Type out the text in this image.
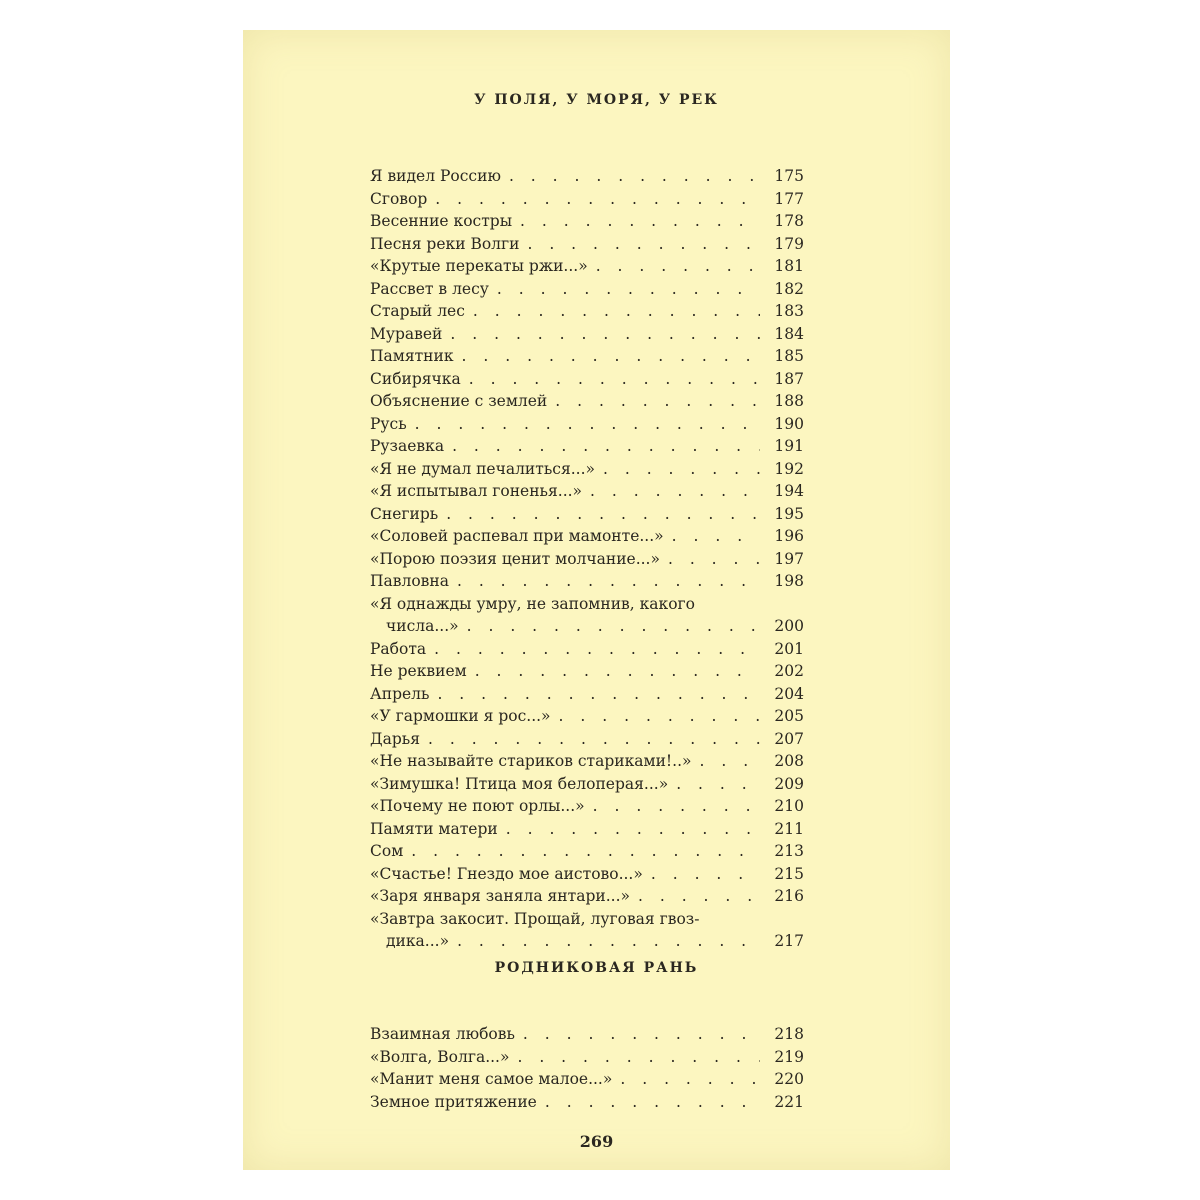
У ПОЛЯ, У МОРЯ, У РЕК
Я видел Россию . . .	175
Сговор . . .	177
Весенние костры . . .	178
Песня реки Волги . . .	179
«Крутые перекаты ржи...» . . .	181
Рассвет в лесу . . .	182
Старый лес . . .	183
Муравей . . .	184
Памятник . . .	185
Сибирячка . . .	187
Объяснение с землей . . .	188
Русь . . .	190
Рузаевка . . .	191
«Я не думал печалиться...» . . .	192
«Я испытывал гоненья...» . . .	194
Снегирь . . .	195
«Соловей распевал при мамонте...» . . .	196
«Порою поэзия ценит молчание...» . . .	197
Павловна . . .	198
«Я однажды умру, не запомнив, какого
числа...» . . .	200
Работа . . .	201
Не реквием . . .	202
Апрель . . .	204
«У гармошки я рос...» . . .	205
Дарья . . .	207
«Не называйте стариков стариками!..» . . .	208
«Зимушка! Птица моя белоперая...» . . .	209
«Почему не поют орлы...» . . .	210
Памяти матери . . .	211
Сом . . .	213
«Счастье! Гнездо мое аистово...» . . .	215
«Заря января заняла янтари...» . . .	216
«Завтра закосит. Прощай, луговая гвоз-
дика...» . . .	217
РОДНИКОВАЯ РАНЬ
Взаимная любовь . . .	218
«Волга, Волга...» . . .	219
«Манит меня самое малое...» . . .	220
Земное притяжение . . .	221

269
